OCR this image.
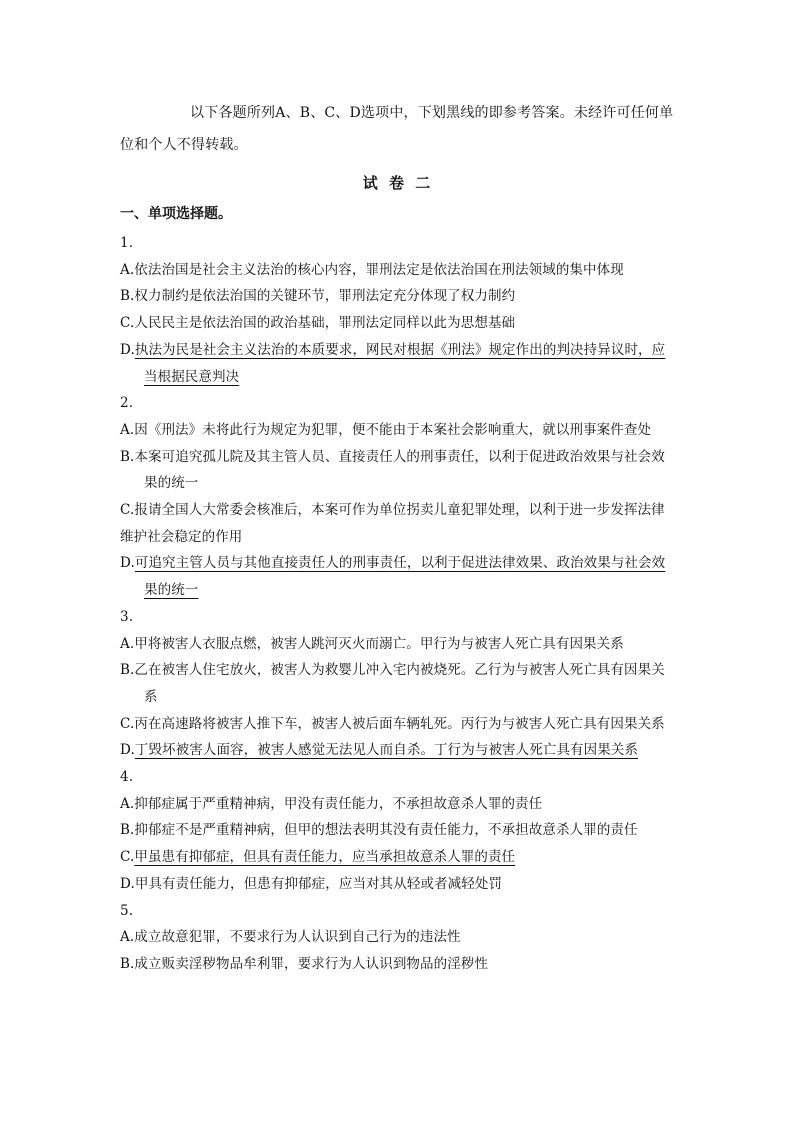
以下各题所列A、B、C、D选项中，下划黑线的即参考答案。未经许可任何单位和个人不得转载。
试 卷 二
一、单项选择题。
1.
A.依法治国是社会主义法治的核心内容，罪刑法定是依法治国在刑法领域的集中体现
B.权力制约是依法治国的关键环节，罪刑法定充分体现了权力制约
C.人民民主是依法治国的政治基础，罪刑法定同样以此为思想基础
D.执法为民是社会主义法治的本质要求，网民对根据《刑法》规定作出的判决持异议时，应当根据民意判决
2.
A.因《刑法》未将此行为规定为犯罪，便不能由于本案社会影响重大，就以刑事案件查处
B.本案可追究孤儿院及其主管人员、直接责任人的刑事责任，以利于促进政治效果与社会效果的统一
C.报请全国人大常委会核准后，本案可作为单位拐卖儿童犯罪处理，以利于进一步发挥法律维护社会稳定的作用
D.可追究主管人员与其他直接责任人的刑事责任，以利于促进法律效果、政治效果与社会效果的统一
3.
A.甲将被害人衣服点燃，被害人跳河灭火而溺亡。甲行为与被害人死亡具有因果关系
B.乙在被害人住宅放火，被害人为救婴儿冲入宅内被烧死。乙行为与被害人死亡具有因果关系
C.丙在高速路将被害人推下车，被害人被后面车辆轧死。丙行为与被害人死亡具有因果关系
D.丁毁坏被害人面容，被害人感觉无法见人而自杀。丁行为与被害人死亡具有因果关系
4.
A.抑郁症属于严重精神病，甲没有责任能力，不承担故意杀人罪的责任
B.抑郁症不是严重精神病，但甲的想法表明其没有责任能力，不承担故意杀人罪的责任
C.甲虽患有抑郁症，但具有责任能力，应当承担故意杀人罪的责任
D.甲具有责任能力，但患有抑郁症，应当对其从轻或者减轻处罚
5.
A.成立故意犯罪，不要求行为人认识到自己行为的违法性
B.成立贩卖淫秽物品牟利罪，要求行为人认识到物品的淫秽性
